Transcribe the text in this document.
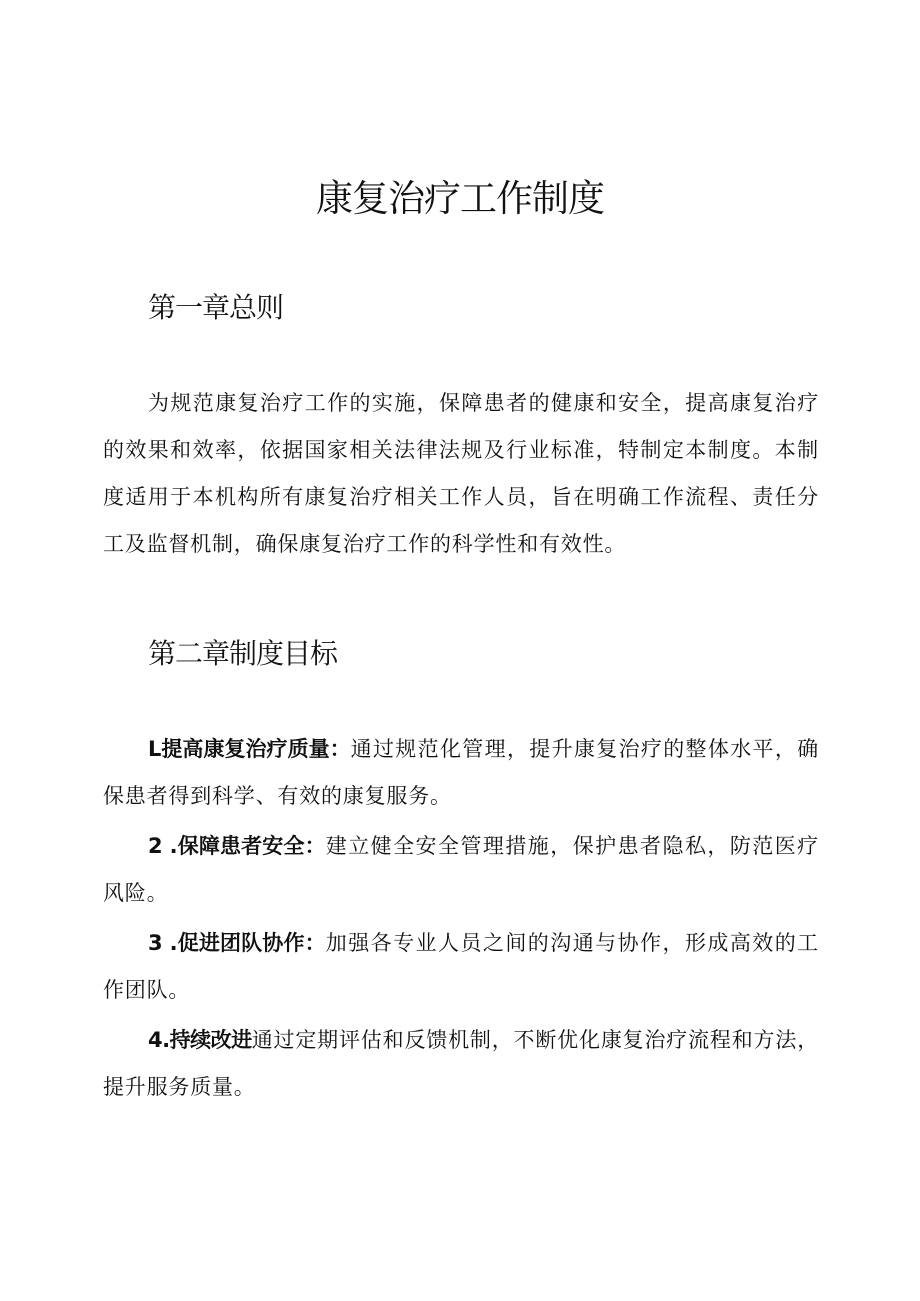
康复治疗工作制度
第一章总则

为规范康复治疗工作的实施，保障患者的健康和安全，提高康复治疗的效果和效率，依据国家相关法律法规及行业标准，特制定本制度。本制度适用于本机构所有康复治疗相关工作人员，旨在明确工作流程、责任分工及监督机制，确保康复治疗工作的科学性和有效性。

第二章制度目标

L提高康复治疗质量：通过规范化管理，提升康复治疗的整体水平，确保患者得到科学、有效的康复服务。

2 .保障患者安全：建立健全安全管理措施，保护患者隐私，防范医疗风险。

3 .促进团队协作：加强各专业人员之间的沟通与协作，形成高效的工作团队。

4.持续改进通过定期评估和反馈机制，不断优化康复治疗流程和方法，提升服务质量。
